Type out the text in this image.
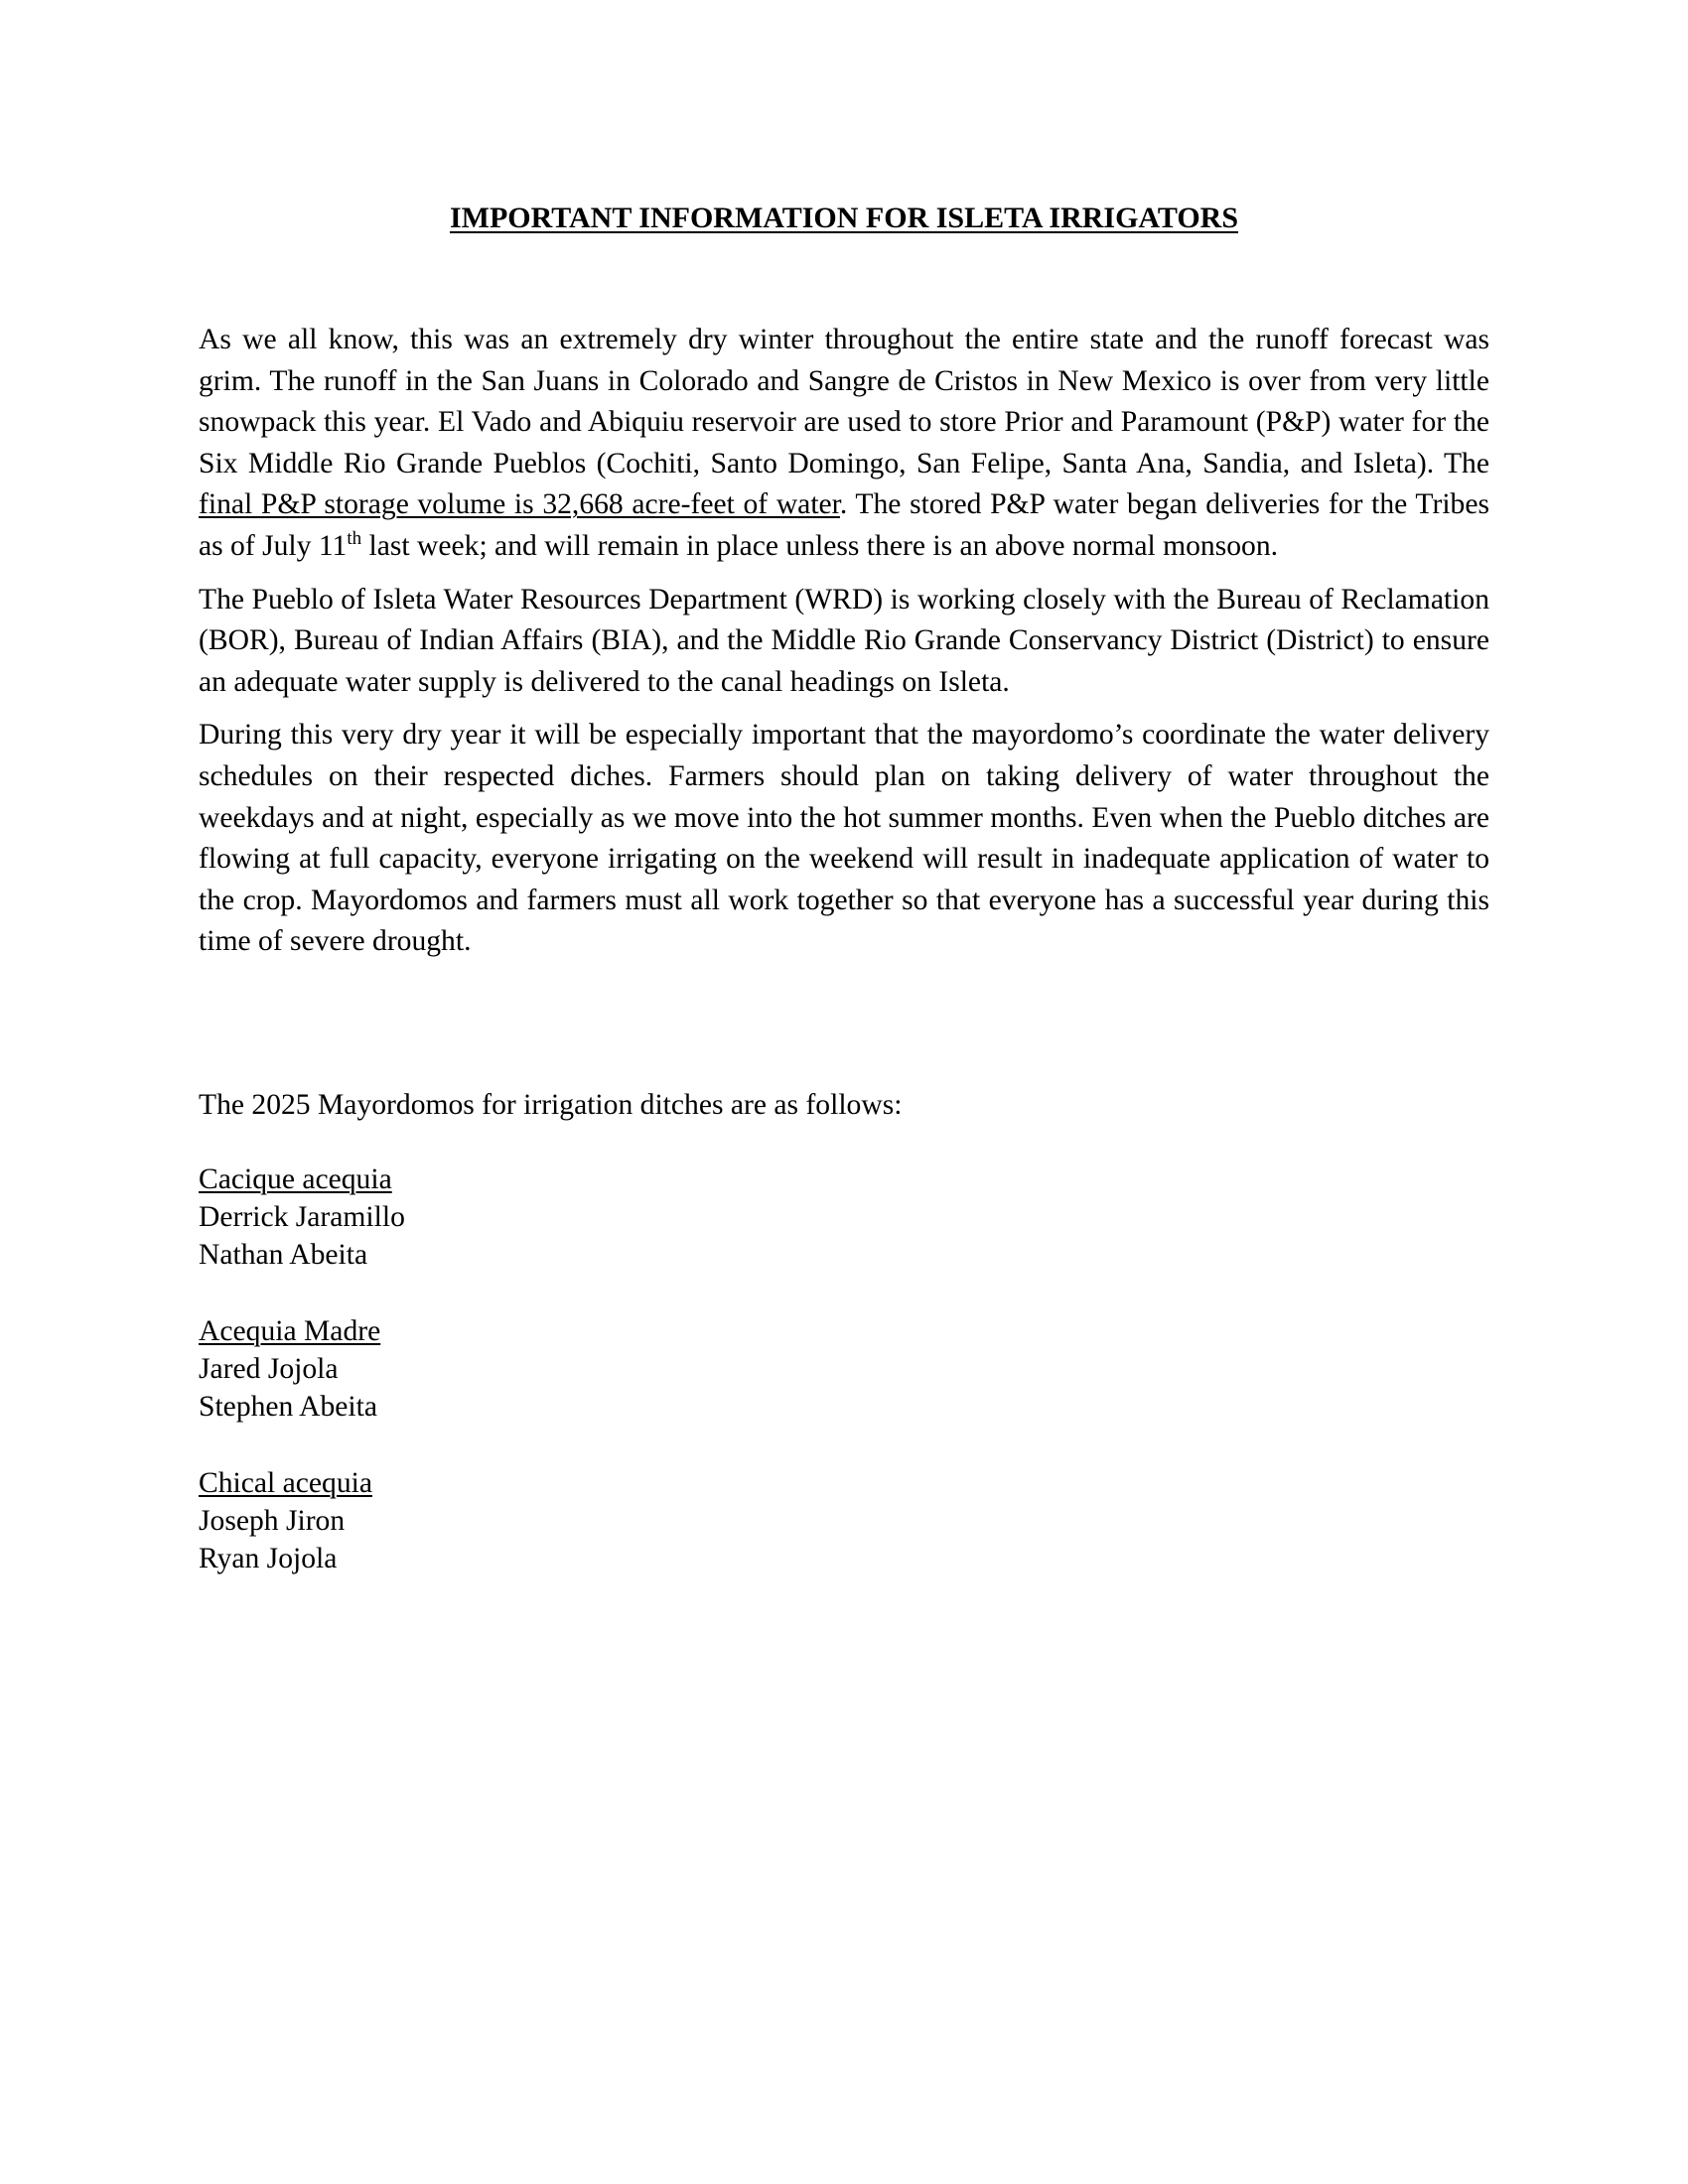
IMPORTANT INFORMATION FOR ISLETA IRRIGATORS

As we all know, this was an extremely dry winter throughout the entire state and the runoff forecast was grim. The runoff in the San Juans in Colorado and Sangre de Cristos in New Mexico is over from very little snowpack this year. El Vado and Abiquiu reservoir are used to store Prior and Paramount (P&P) water for the Six Middle Rio Grande Pueblos (Cochiti, Santo Domingo, San Felipe, Santa Ana, Sandia, and Isleta). The final P&P storage volume is 32,668 acre-feet of water. The stored P&P water began deliveries for the Tribes as of July 11th last week; and will remain in place unless there is an above normal monsoon.

The Pueblo of Isleta Water Resources Department (WRD) is working closely with the Bureau of Reclamation (BOR), Bureau of Indian Affairs (BIA), and the Middle Rio Grande Conservancy District (District) to ensure an adequate water supply is delivered to the canal headings on Isleta.

During this very dry year it will be especially important that the mayordomo’s coordinate the water delivery schedules on their respected diches. Farmers should plan on taking delivery of water throughout the weekdays and at night, especially as we move into the hot summer months. Even when the Pueblo ditches are flowing at full capacity, everyone irrigating on the weekend will result in inadequate application of water to the crop. Mayordomos and farmers must all work together so that everyone has a successful year during this time of severe drought.

The 2025 Mayordomos for irrigation ditches are as follows:

Cacique acequia
Derrick Jaramillo
Nathan Abeita
Acequia Madre
Jared Jojola
Stephen Abeita
Chical acequia
Joseph Jiron
Ryan Jojola
